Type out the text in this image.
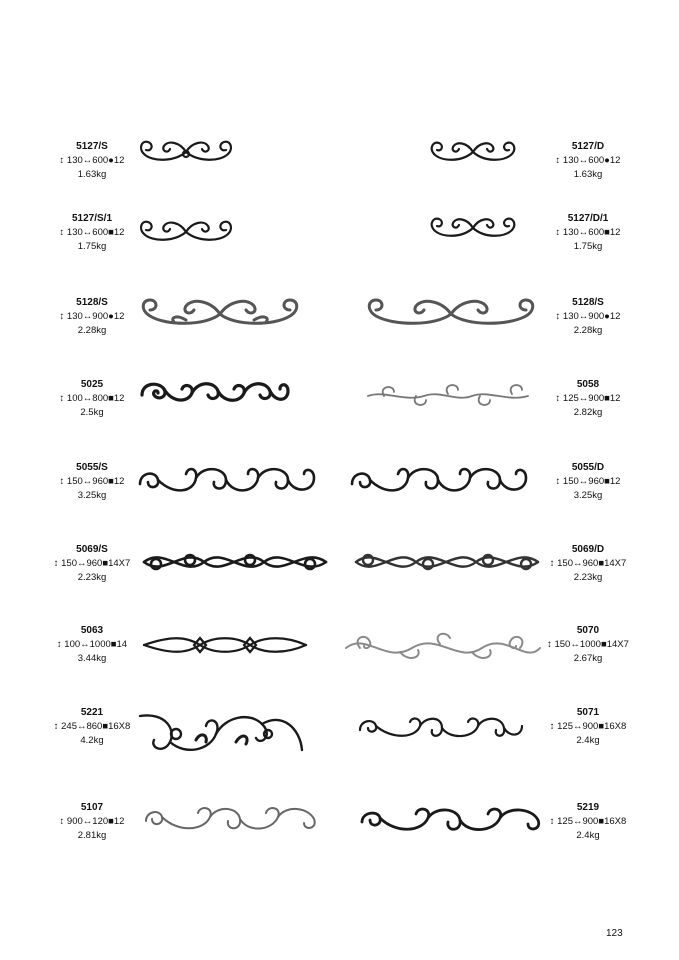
5127/S
↕ 130↔600●12
1.63kg
5127/S/1
↕ 130↔600■12
1.75kg
5128/S
↕ 130↔900●12
2.28kg
5025
↕ 100↔800■12
2.5kg
5055/S
↕ 150↔960■12
3.25kg
5069/S
↕ 150↔960■14X7
2.23kg
5063
↕ 100↔1000■14
3.44kg
5221
↕ 245↔860■16X8
4.2kg
5107
↕ 900↔120■12
2.81kg
5127/D
↕ 130↔600●12
1.63kg
5127/D/1
↕ 130↔600■12
1.75kg
5128/S
↕ 130↔900●12
2.28kg
5058
↕ 125↔900■12
2.82kg
5055/D
↕ 150↔960■12
3.25kg
5069/D
↕ 150↔960■14X7
2.23kg
5070
↕ 150↔1000■14X7
2.67kg
5071
↕ 125↔900■16X8
2.4kg
5219
↕ 125↔900■16X8
2.4kg
123
